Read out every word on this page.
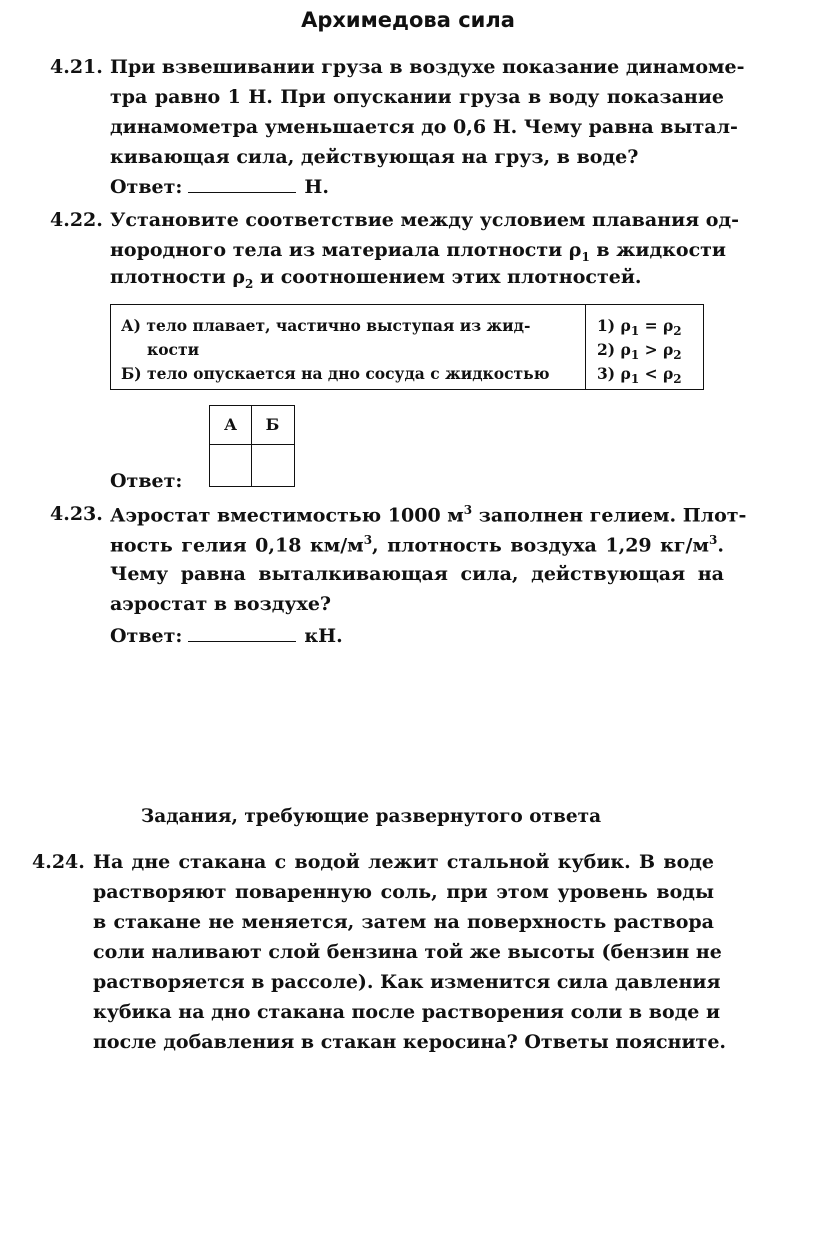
Архимедова сила
4.21. При взвешивании груза в воздухе показание динамоме-
тра равно 1 Н. При опускании груза в воду показание
динамометра уменьшается до 0,6 Н. Чему равна вытал-
кивающая сила, действующая на груз, в воде?
Ответ:	Н.
4.22. Установите соответствие между условием плавания од-
нородного тела из материала плотности $\rho_1$ в жидкости
плотности $\rho_2$ и соотношением этих плотностей.
А) тело плавает, частично выступая из жид-
кости
Б) тело опускается на дно сосуда с жидкостью
1) $\rho_1 = \rho_2$
2) $\rho_1 > \rho_2$
3) $\rho_1 < \rho_2$
Ответ:
А	Б
4.23. Аэростат вместимостью 1000 $м^3$ заполнен гелием. Плот-
ность гелия 0,18 $км/м^3$, плотность воздуха 1,29 $кг/м^3$.
Чему равна выталкивающая сила, действующая на
аэростат в воздухе?
Ответ:	кН.
Задания, требующие развернутого ответа
4.24. На дне стакана с водой лежит стальной кубик. В воде
растворяют поваренную соль, при этом уровень воды
в стакане не меняется, затем на поверхность раствора
соли наливают слой бензина той же высоты (бензин не
растворяется в рассоле). Как изменится сила давления
кубика на дно стакана после растворения соли в воде и
после добавления в стакан керосина? Ответы поясните.
